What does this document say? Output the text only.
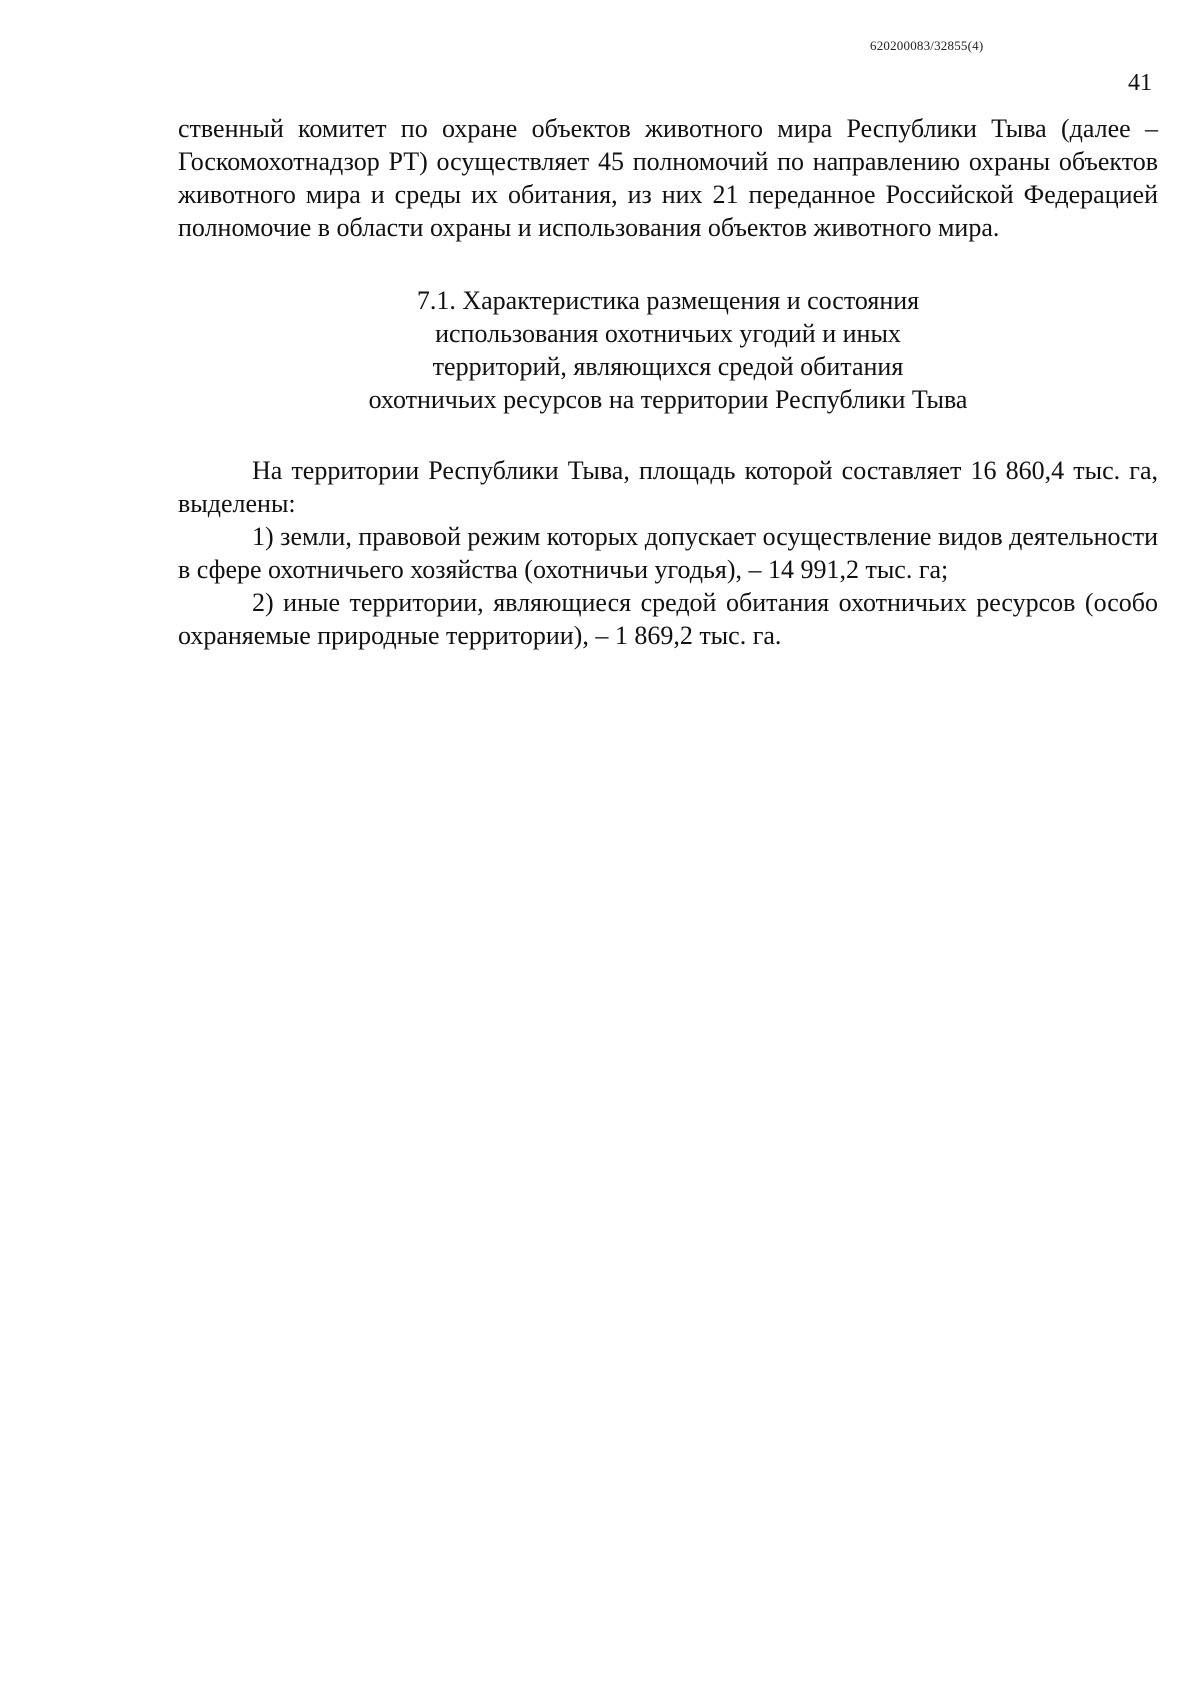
620200083/32855(4)
41

ственный комитет по охране объектов животного мира Республики Тыва (далее – Госкомохотнадзор РТ) осуществляет 45 полномочий по направлению охраны объектов животного мира и среды их обитания, из них 21 переданное Российской Федерацией полномочие в области охраны и использования объектов животного мира.

7.1. Характеристика размещения и состояния
использования охотничьих угодий и иных
территорий, являющихся средой обитания
охотничьих ресурсов на территории Республики Тыва

На территории Республики Тыва, площадь которой составляет 16 860,4 тыс. га, выделены:

1) земли, правовой режим которых допускает осуществление видов деятельности в сфере охотничьего хозяйства (охотничьи угодья), – 14 991,2 тыс. га;

2) иные территории, являющиеся средой обитания охотничьих ресурсов (особо охраняемые природные территории), – 1 869,2 тыс. га.
